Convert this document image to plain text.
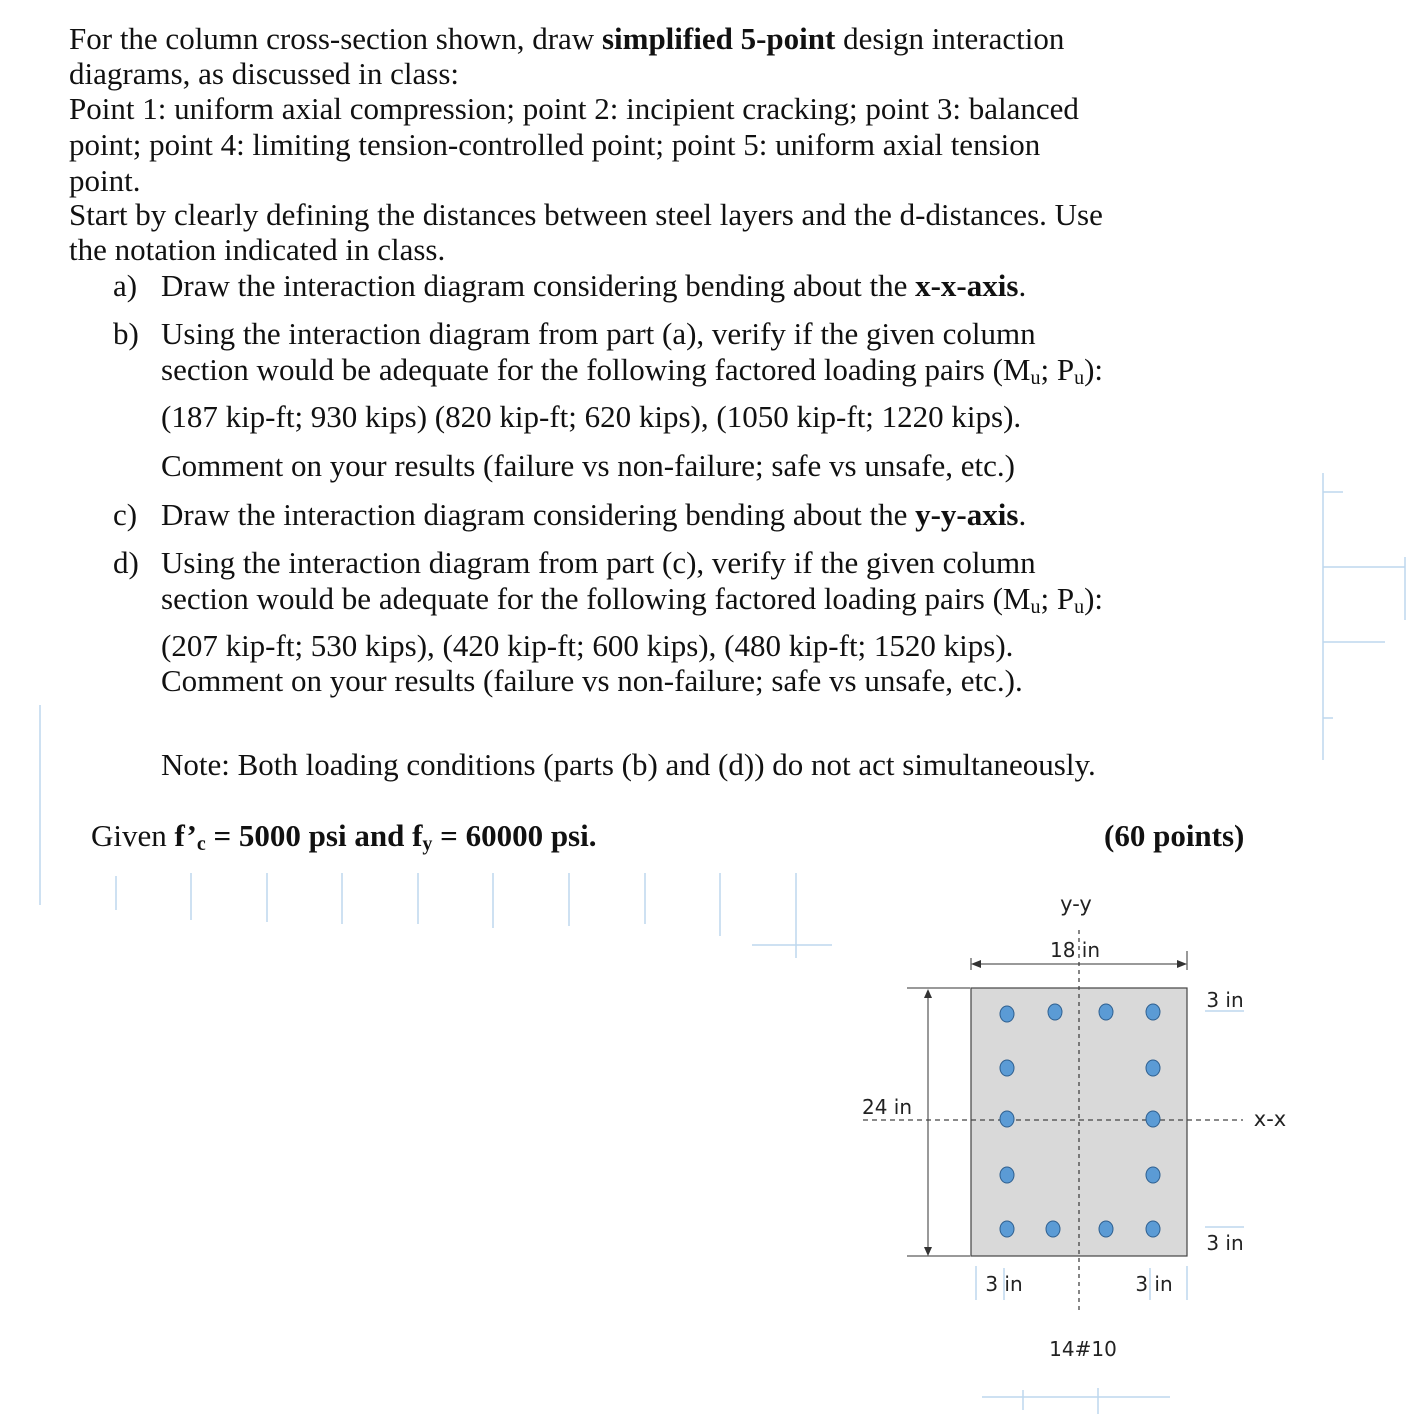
For the column cross-section shown, draw simplified 5-point design interaction
diagrams, as discussed in class:
Point 1: uniform axial compression; point 2: incipient cracking; point 3: balanced
point; point 4: limiting tension-controlled point; point 5: uniform axial tension
point.
Start by clearly defining the distances between steel layers and the d-distances. Use
the notation indicated in class.
a) Draw the interaction diagram considering bending about the x-x-axis.
b) Using the interaction diagram from part (a), verify if the given column
section would be adequate for the following factored loading pairs ($M_u$; $P_u$):
(187 kip-ft; 930 kips) (820 kip-ft; 620 kips), (1050 kip-ft; 1220 kips).
Comment on your results (failure vs non-failure; safe vs unsafe, etc.)
c) Draw the interaction diagram considering bending about the y-y-axis.
d) Using the interaction diagram from part (c), verify if the given column
section would be adequate for the following factored loading pairs ($M_u$; $P_u$):
(207 kip-ft; 530 kips), (420 kip-ft; 600 kips), (480 kip-ft; 1520 kips).
Comment on your results (failure vs non-failure; safe vs unsafe, etc.).
Note: Both loading conditions (parts (b) and (d)) do not act simultaneously.
Given $f’_c = 5000$ psi and $f_y = 60000$ psi.	(60 points)
y-y
x-x
18 in
24 in
3 in
3 in
3 in	3 in
14#10
